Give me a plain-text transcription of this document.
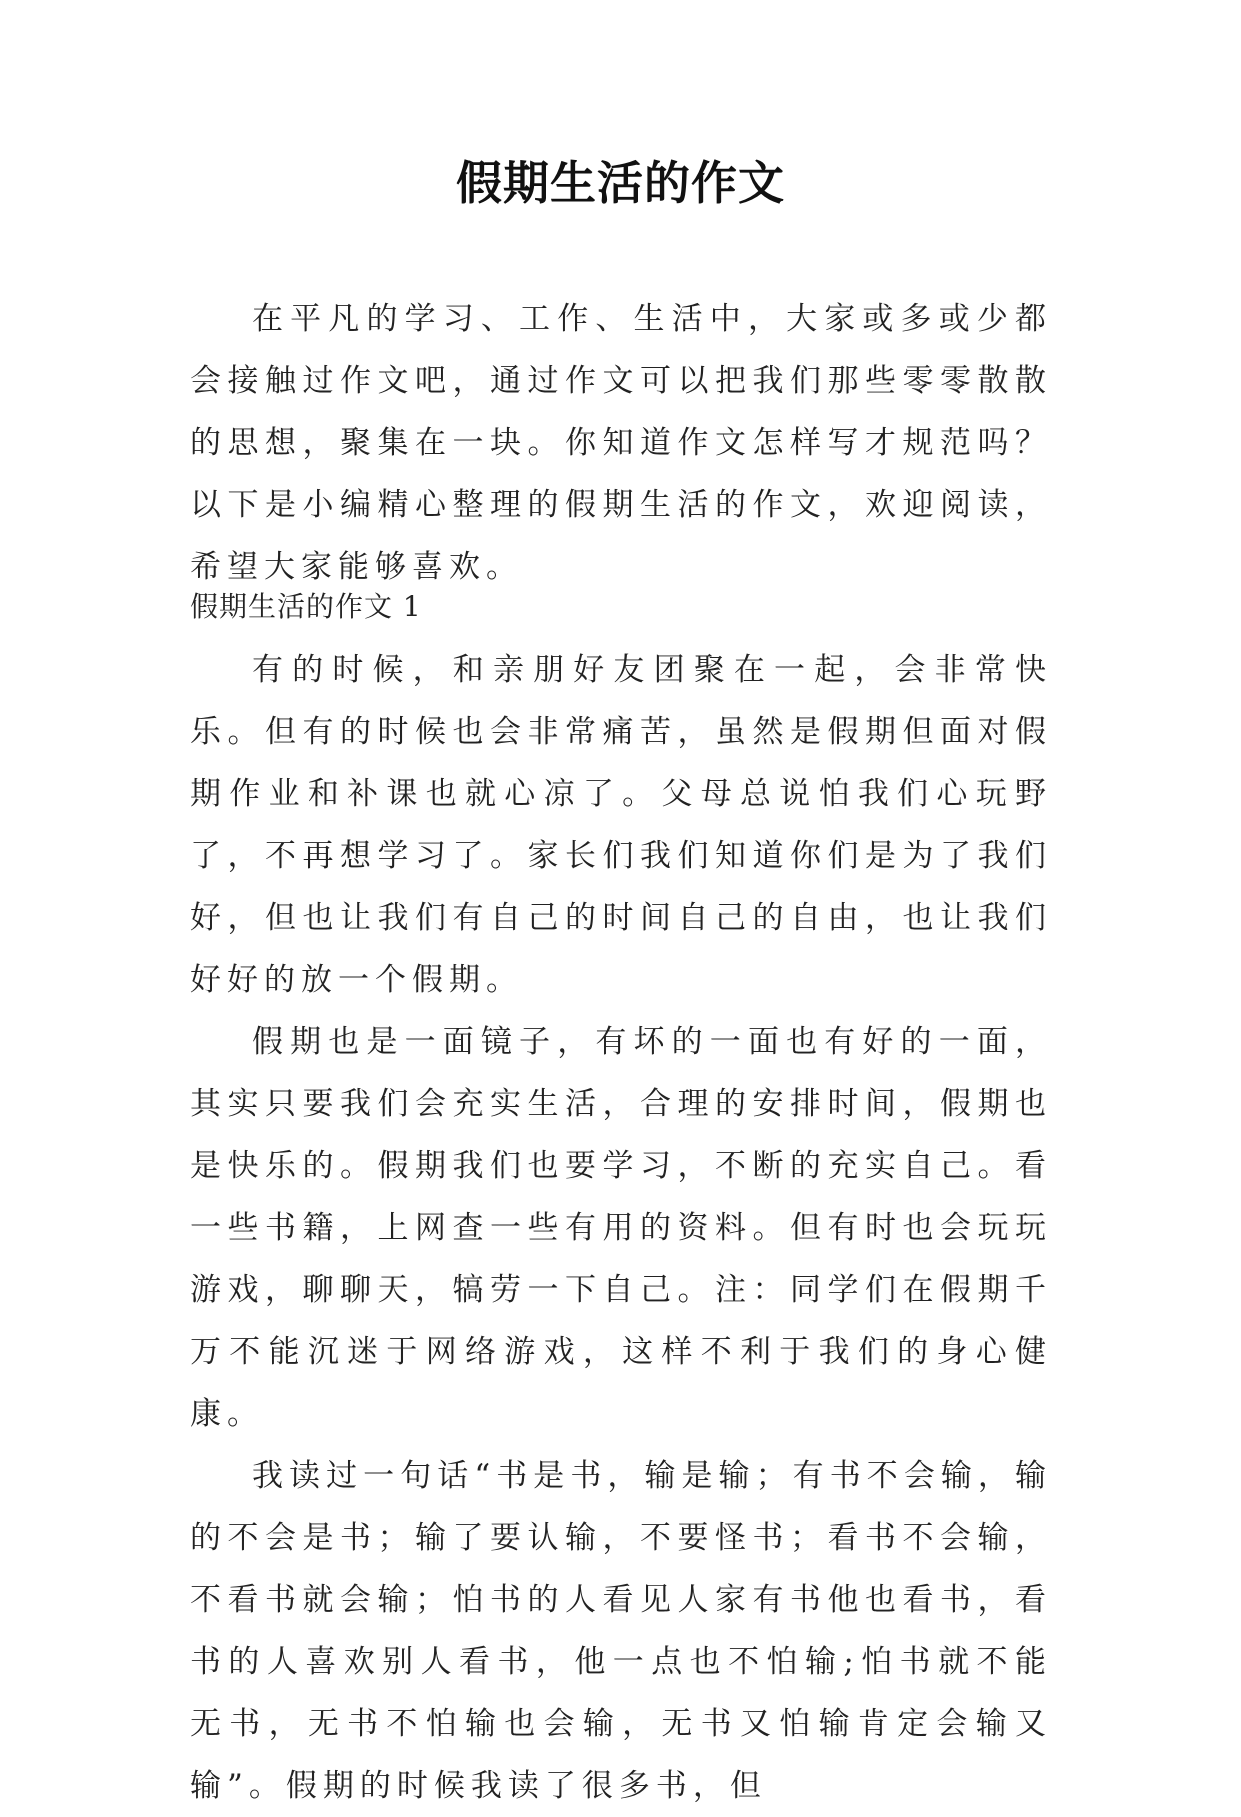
假期生活的作文

在平凡的学习、工作、生活中，大家或多或少都会接触过作文吧，通过作文可以把我们那些零零散散的思想，聚集在一块。你知道作文怎样写才规范吗？以下是小编精心整理的假期生活的作文，欢迎阅读，希望大家能够喜欢。

假期生活的作文 1

有的时候，和亲朋好友团聚在一起，会非常快乐。但有的时候也会非常痛苦，虽然是假期但面对假期作业和补课也就心凉了。父母总说怕我们心玩野了，不再想学习了。家长们我们知道你们是为了我们好，但也让我们有自己的时间自己的自由，也让我们好好的放一个假期。

假期也是一面镜子，有坏的一面也有好的一面，其实只要我们会充实生活，合理的安排时间，假期也是快乐的。假期我们也要学习，不断的充实自己。看一些书籍，上网查一些有用的资料。但有时也会玩玩游戏，聊聊天，犒劳一下自己。注：同学们在假期千万不能沉迷于网络游戏，这样不利于我们的身心健康。

我读过一句话“书是书，输是输；有书不会输，输的不会是书；输了要认输，不要怪书；看书不会输，不看书就会输；怕书的人看见人家有书他也看书，看书的人喜欢别人看书，他一点也不怕输;怕书就不能无书，无书不怕输也会输，无书又怕输肯定会输又输”。假期的时候我读了很多书，但
